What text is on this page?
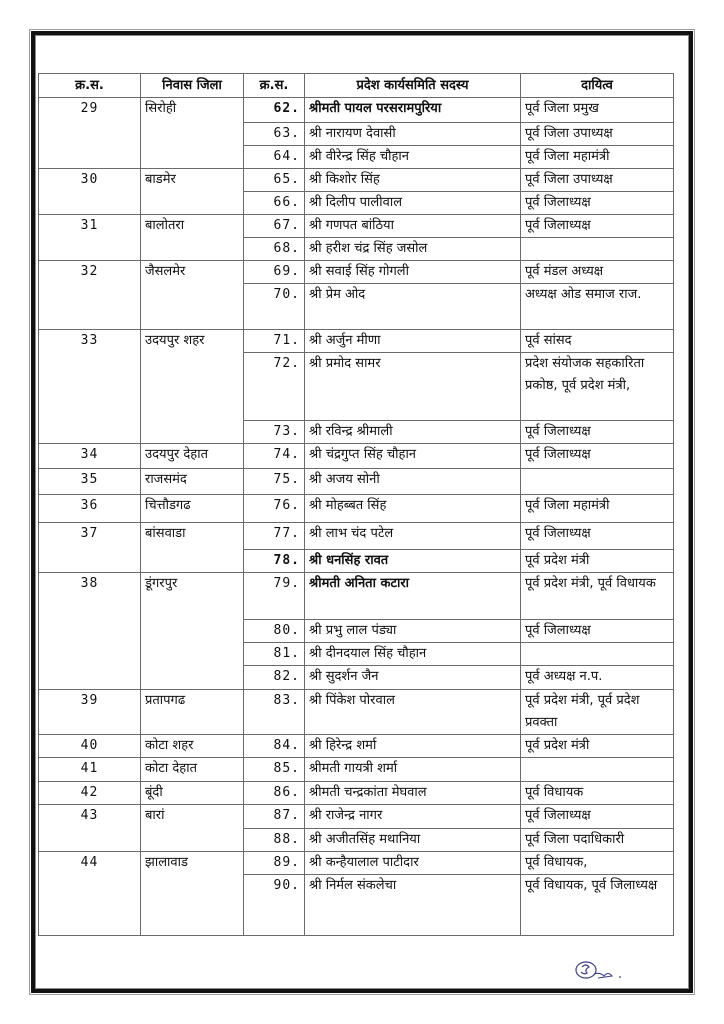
क्र.स.	निवास जिला	क्र.स.	प्रदेश कार्यसमिति सदस्य	दायित्व
29	सिरोही	62.	श्रीमती पायल परसरामपुरिया	पूर्व जिला प्रमुख
		63.	श्री नारायण देवासी	पूर्व जिला उपाध्यक्ष
		64.	श्री वीरेन्द्र सिंह चौहान	पूर्व जिला महामंत्री
30	बाडमेर	65.	श्री किशोर सिंह	पूर्व जिला उपाध्यक्ष
		66.	श्री दिलीप पालीवाल	पूर्व जिलाध्यक्ष
31	बालोतरा	67.	श्री गणपत बांठिया	पूर्व जिलाध्यक्ष
		68.	श्री हरीश चंद्र सिंह जसोल	
32	जैसलमेर	69.	श्री सवाई सिंह गोगली	पूर्व मंडल अध्यक्ष
		70.	श्री प्रेम ओद	अध्यक्ष ओड समाज राज.
33	उदयपुर शहर	71.	श्री अर्जुन मीणा	पूर्व सांसद
		72.	श्री प्रमोद सामर	प्रदेश संयोजक सहकारिता प्रकोष्ठ, पूर्व प्रदेश मंत्री,
		73.	श्री रविन्द्र श्रीमाली	पूर्व जिलाध्यक्ष
34	उदयपुर देहात	74.	श्री चंद्रगुप्त सिंह चौहान	पूर्व जिलाध्यक्ष
35	राजसमंद	75.	श्री अजय सोनी	
36	चित्तौडगढ	76.	श्री मोहब्बत सिंह	पूर्व जिला महामंत्री
37	बांसवाडा	77.	श्री लाभ चंद पटेल	पूर्व जिलाध्यक्ष
		78.	श्री धनसिंह रावत	पूर्व प्रदेश मंत्री
38	डूंगरपुर	79.	श्रीमती अनिता कटारा	पूर्व प्रदेश मंत्री, पूर्व विधायक
		80.	श्री प्रभु लाल पंड्या	पूर्व जिलाध्यक्ष
		81.	श्री दीनदयाल सिंह चौहान	
		82.	श्री सुदर्शन जैन	पूर्व अध्यक्ष न.प.
39	प्रतापगढ	83.	श्री पिंकेश पोरवाल	पूर्व प्रदेश मंत्री, पूर्व प्रदेश प्रवक्ता
40	कोटा शहर	84.	श्री हिरेन्द्र शर्मा	पूर्व प्रदेश मंत्री
41	कोटा देहात	85.	श्रीमती गायत्री शर्मा	
42	बूंदी	86.	श्रीमती चन्द्रकांता मेघवाल	पूर्व विधायक
43	बारां	87.	श्री राजेन्द्र नागर	पूर्व जिलाध्यक्ष
		88.	श्री अजीतसिंह मथानिया	पूर्व जिला पदाधिकारी
44	झालावाड	89.	श्री कन्हैयालाल पाटीदार	पूर्व विधायक,
		90.	श्री निर्मल संकलेचा	पूर्व विधायक, पूर्व जिलाध्यक्ष
